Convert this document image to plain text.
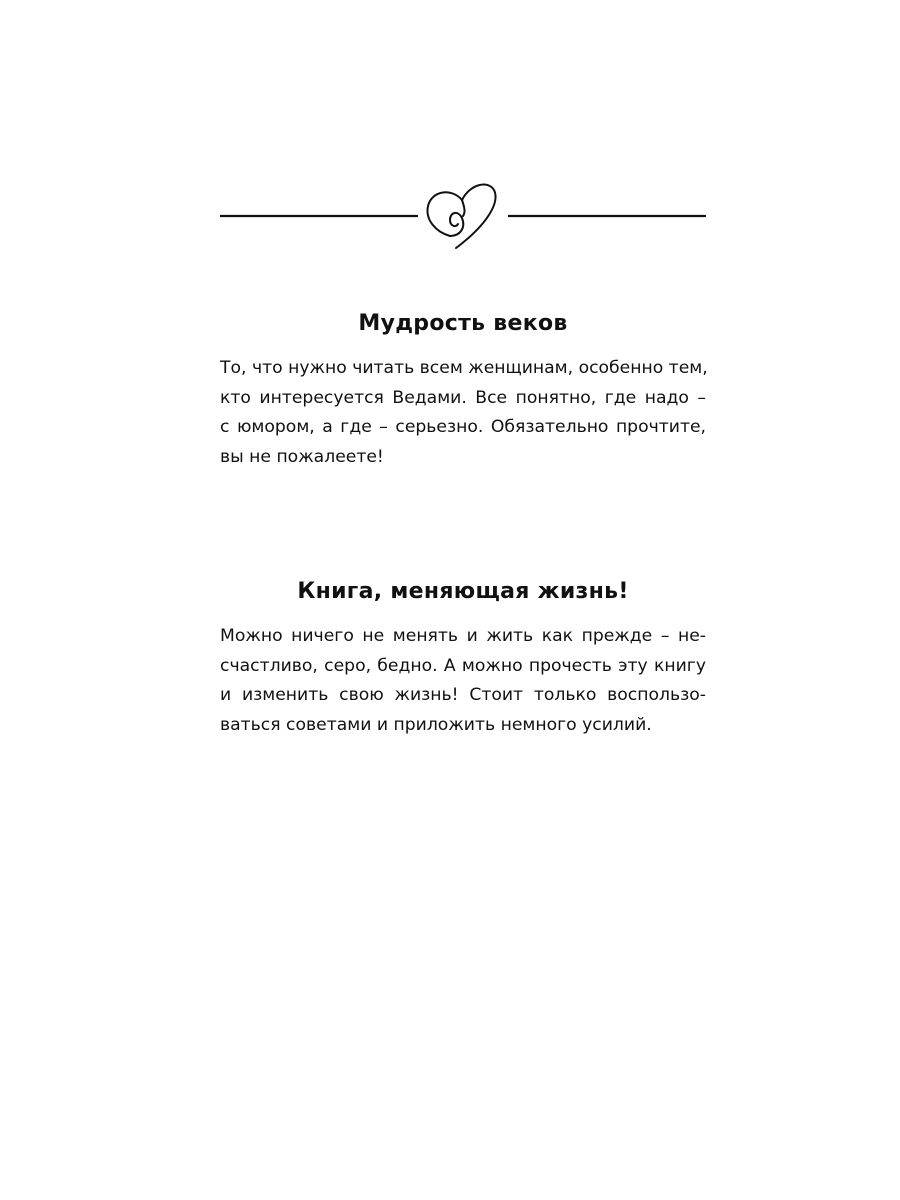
Мудрость веков

То, что нужно читать всем женщинам, особенно тем,
кто интересуется Ведами. Все понятно, где надо –
с юмором, а где – серьезно. Обязательно прочтите,
вы не пожалеете!

Книга, меняющая жизнь!

Можно ничего не менять и жить как прежде – не-
счастливо, серо, бедно. А можно прочесть эту книгу
и изменить свою жизнь! Стоит только воспользо-
ваться советами и приложить немного усилий.
